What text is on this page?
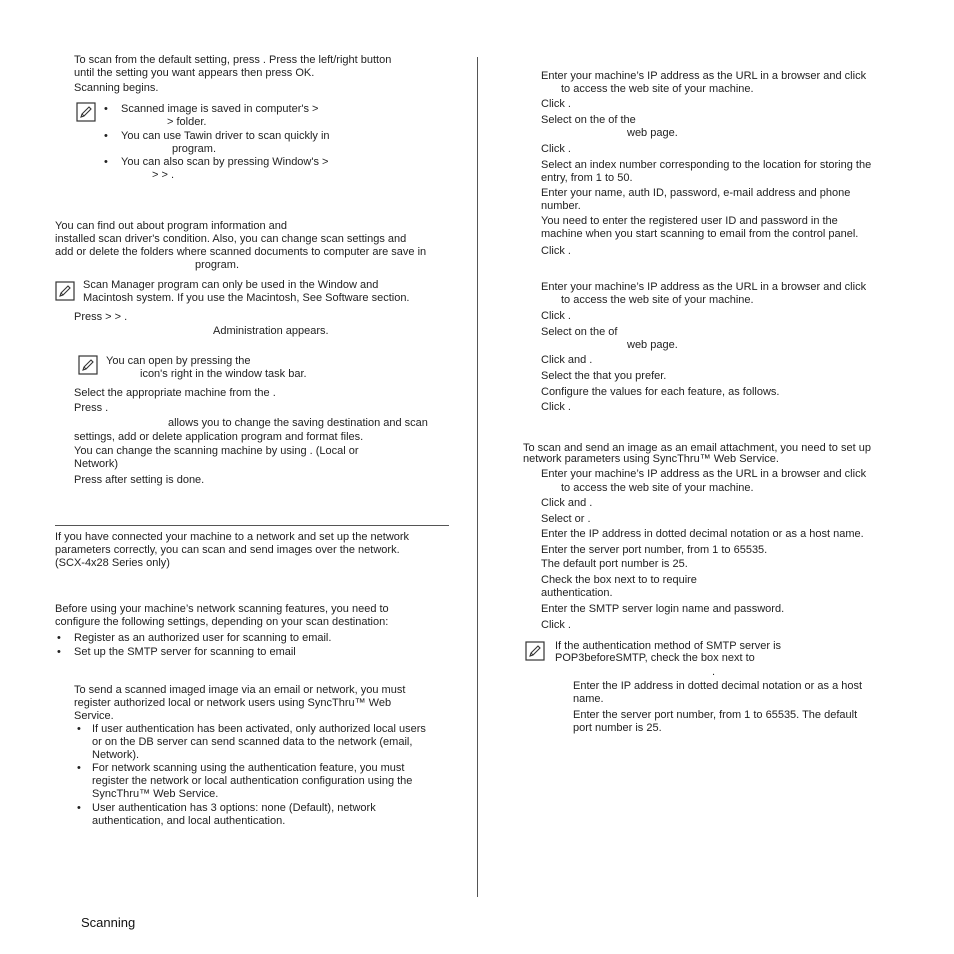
To scan from the default setting, press . Press the left/right button
until the setting you want appears then press OK.
Scanning begins.
• Scanned image is saved in computer's >
> folder.
• You can use Tawin driver to scan quickly in
program.
• You can also scan by pressing Window's >
> > .
You can find out about program information and
installed scan driver's condition. Also, you can change scan settings and
add or delete the folders where scanned documents to computer are save in
program.
Scan Manager program can only be used in the Window and
Macintosh system. If you use the Macintosh, See Software section.
Press > > .
Administration appears.
You can open by pressing the
icon's right in the window task bar.
Select the appropriate machine from the .
Press .
allows you to change the saving destination and scan
settings, add or delete application program and format files.
You can change the scanning machine by using . (Local or
Network)
Press after setting is done.
If you have connected your machine to a network and set up the network
parameters correctly, you can scan and send images over the network.
(SCX-4x28 Series only)
Before using your machine’s network scanning features, you need to
configure the following settings, depending on your scan destination:
• Register as an authorized user for scanning to email.
• Set up the SMTP server for scanning to email
To send a scanned imaged image via an email or network, you must
register authorized local or network users using SyncThru™ Web
Service.
• If user authentication has been activated, only authorized local users
or on the DB server can send scanned data to the network (email,
Network).
• For network scanning using the authentication feature, you must
register the network or local authentication configuration using the
SyncThru™ Web Service.
• User authentication has 3 options: none (Default), network
authentication, and local authentication.
Enter your machine’s IP address as the URL in a browser and click
to access the web site of your machine.
Click .
Select on the of the
web page.
Click .
Select an index number corresponding to the location for storing the
entry, from 1 to 50.
Enter your name, auth ID, password, e-mail address and phone
number.
You need to enter the registered user ID and password in the
machine when you start scanning to email from the control panel.
Click .
Enter your machine’s IP address as the URL in a browser and click
to access the web site of your machine.
Click .
Select on the of
web page.
Click and .
Select the that you prefer.
Configure the values for each feature, as follows.
Click .
To scan and send an image as an email attachment, you need to set up
network parameters using SyncThru™ Web Service.
Enter your machine’s IP address as the URL in a browser and click
to access the web site of your machine.
Click and .
Select or .
Enter the IP address in dotted decimal notation or as a host name.
Enter the server port number, from 1 to 65535.
The default port number is 25.
Check the box next to to require
authentication.
Enter the SMTP server login name and password.
Click .
If the authentication method of SMTP server is
POP3beforeSMTP, check the box next to
.
Enter the IP address in dotted decimal notation or as a host
name.
Enter the server port number, from 1 to 65535. The default
port number is 25.
Scanning
